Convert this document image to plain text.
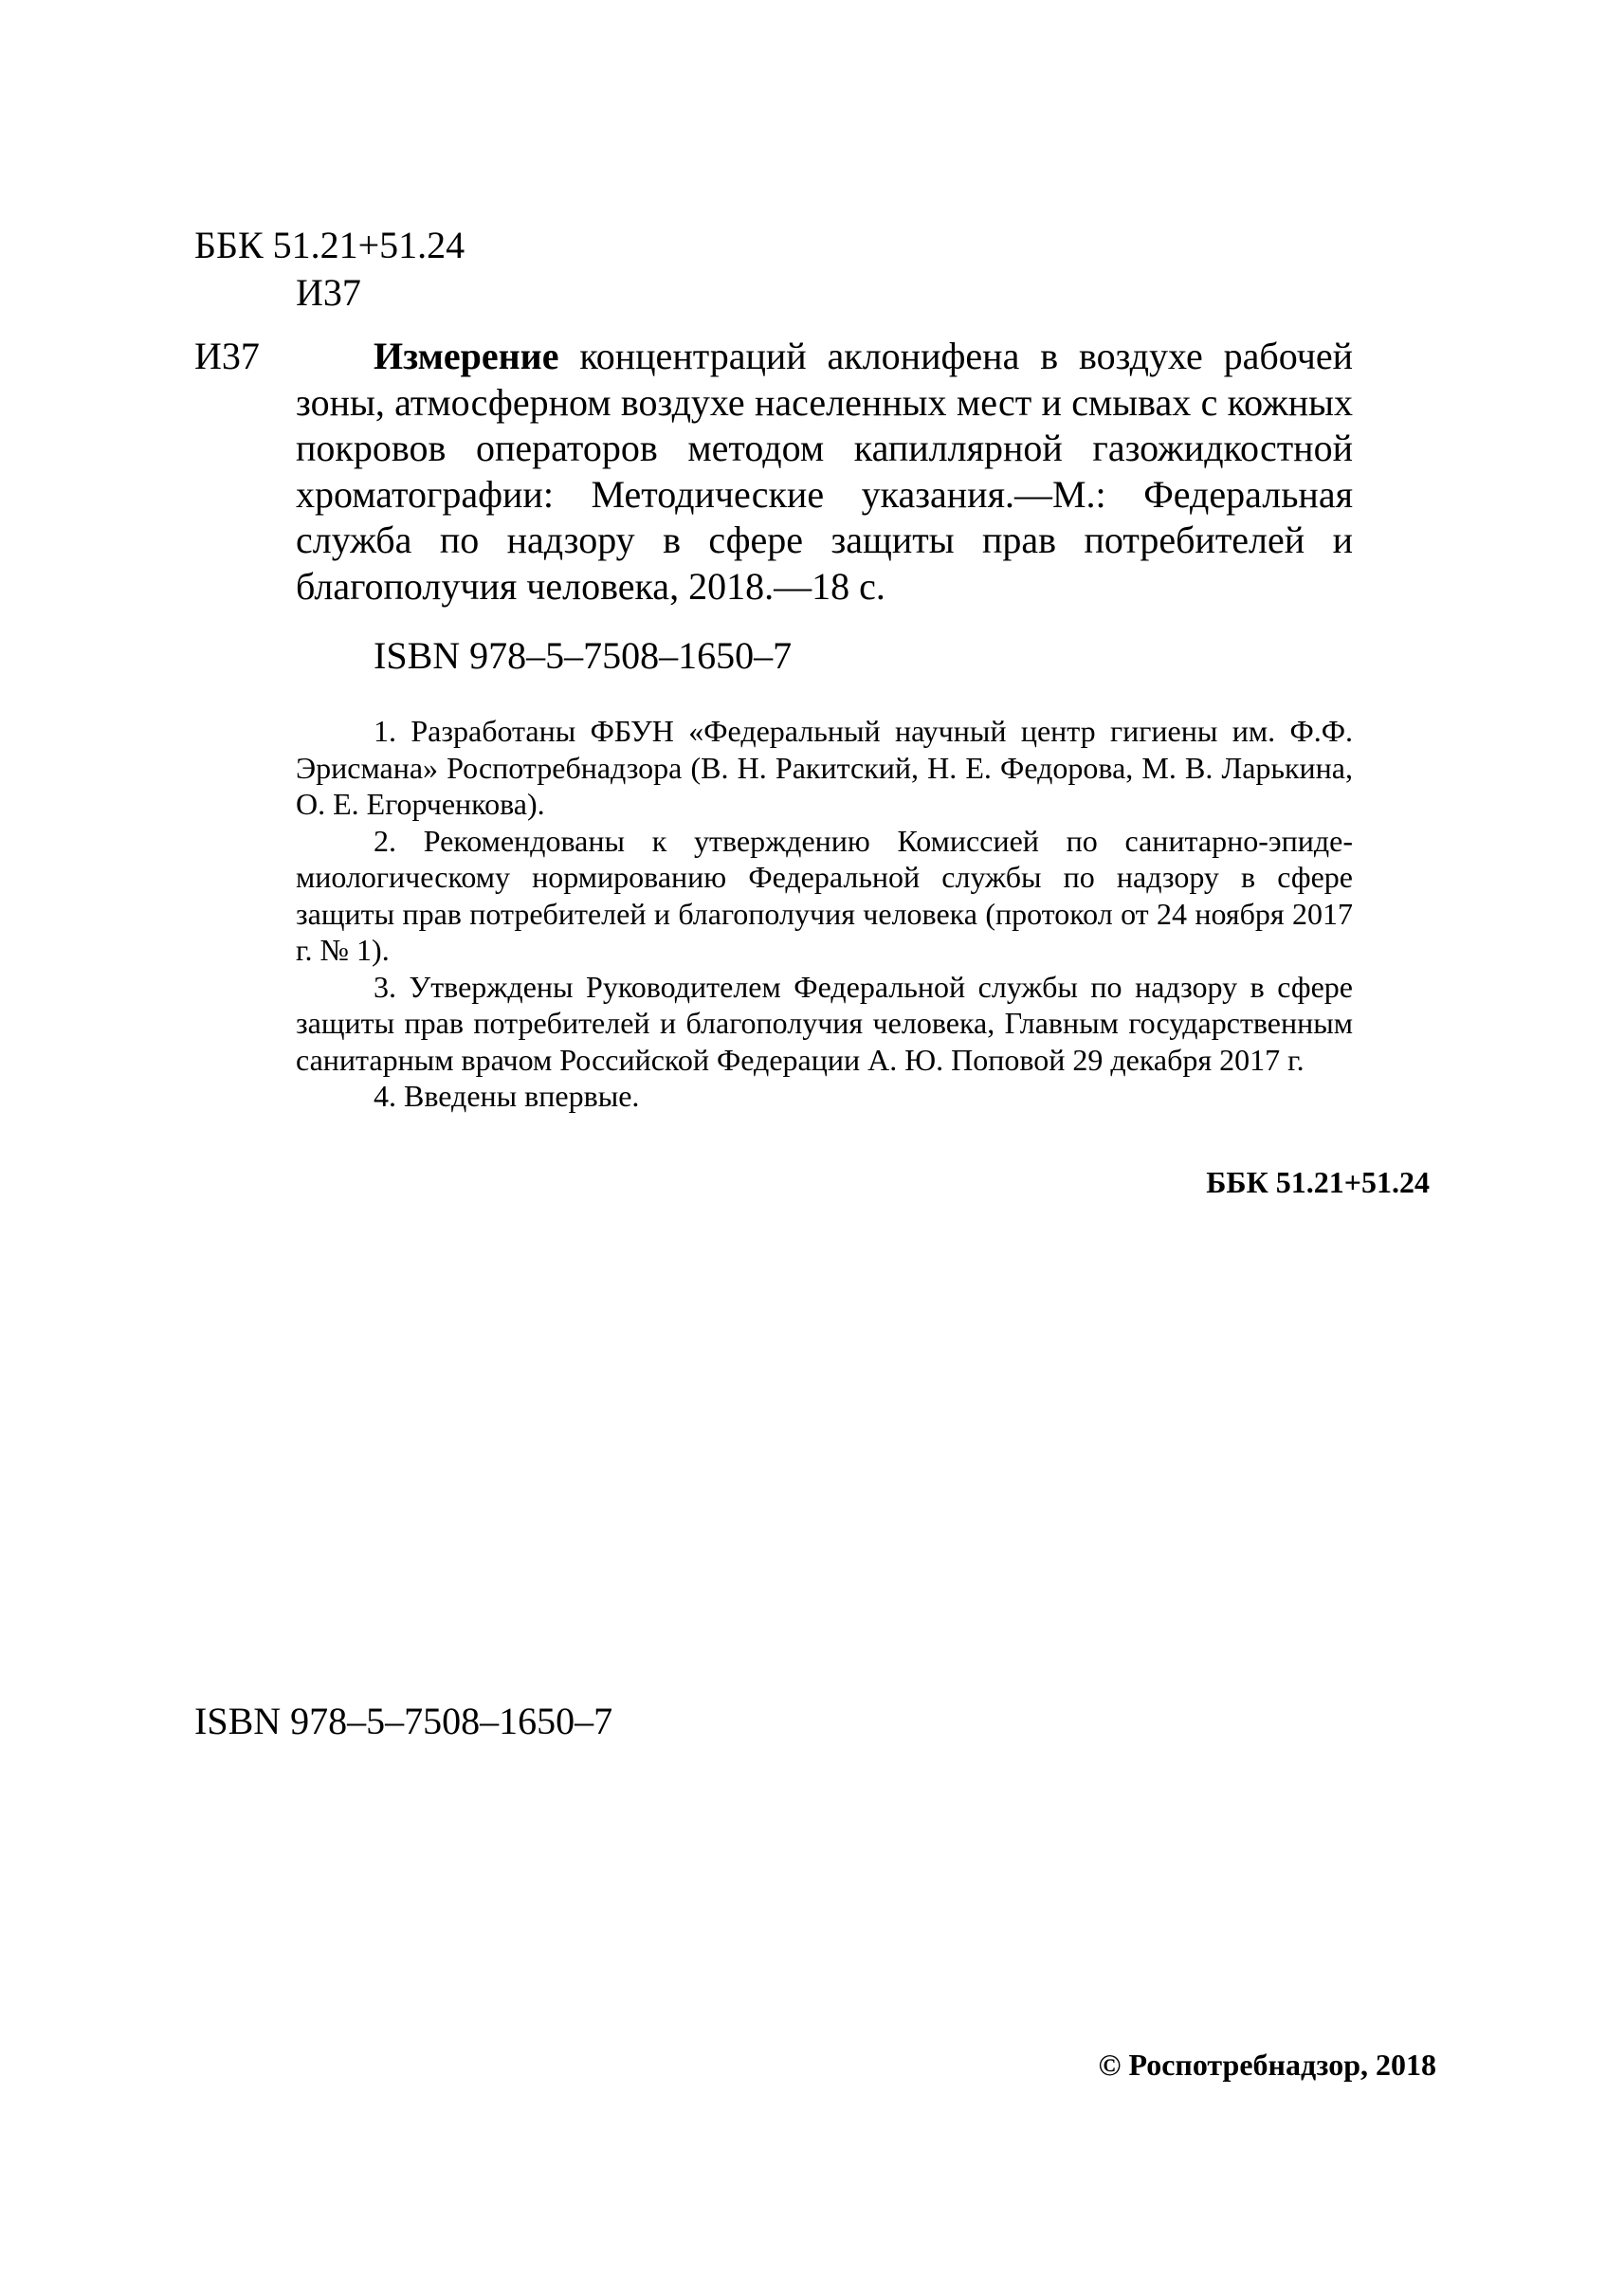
ББК 51.21+51.24
И37
И37	Измерение концентраций аклонифена в воздухе рабочей зоны, атмосферном воздухе населенных мест и смывах с кожных покровов операторов методом капиллярной газожидкостной хроматографии: Методические указания.—М.: Федеральная служба по надзору в сфере защиты прав потребителей и благополучия человека, 2018.—18 с.
ISBN 978–5–7508–1650–7

1. Разработаны ФБУН «Федеральный научный центр гигиены им. Ф.Ф. Эрисмана» Роспотребнадзора (В. Н. Ракитский, Н. Е. Федорова, М. В. Ларькина, О. Е. Егорченкова).

2. Рекомендованы к утверждению Комиссией по санитарно-эпидемиологическому нормированию Федеральной службы по надзору в сфере защиты прав потребителей и благополучия человека (протокол от 24 ноября 2017 г. № 1).

3. Утверждены Руководителем Федеральной службы по надзору в сфере защиты прав потребителей и благополучия человека, Главным государственным санитарным врачом Российской Федерации А. Ю. Поповой 29 декабря 2017 г.

4. Введены впервые.

ББК 51.21+51.24
ISBN 978–5–7508–1650–7
© Роспотребнадзор, 2018
